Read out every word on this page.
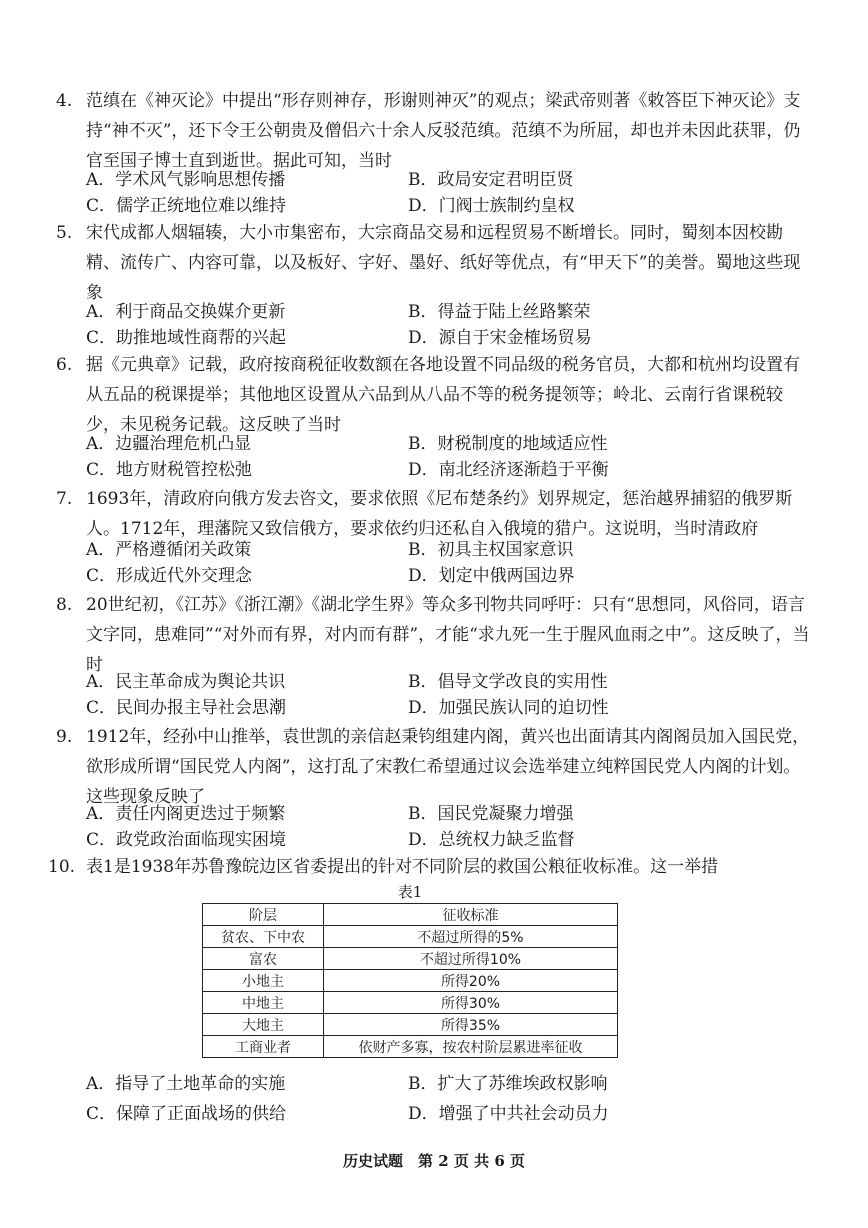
4. 范缜在《神灭论》中提出“形存则神存，形谢则神灭”的观点；梁武帝则著《敕答臣下神灭论》支持“神不灭”，还下令王公朝贵及僧侣六十余人反驳范缜。范缜不为所屈，却也并未因此获罪，仍官至国子博士直到逝世。据此可知，当时
A．学术风气影响思想传播	B．政局安定君明臣贤
C．儒学正统地位难以维持	D．门阀士族制约皇权
5. 宋代成都人烟辐辏，大小市集密布，大宗商品交易和远程贸易不断增长。同时，蜀刻本因校勘精、流传广、内容可靠，以及板好、字好、墨好、纸好等优点，有“甲天下”的美誉。蜀地这些现象
A．利于商品交换媒介更新	B．得益于陆上丝路繁荣
C．助推地域性商帮的兴起	D．源自于宋金榷场贸易
6. 据《元典章》记载，政府按商税征收数额在各地设置不同品级的税务官员，大都和杭州均设置有从五品的税课提举；其他地区设置从六品到从八品不等的税务提领等；岭北、云南行省课税较少，未见税务记载。这反映了当时
A．边疆治理危机凸显	B．财税制度的地域适应性
C．地方财税管控松弛	D．南北经济逐渐趋于平衡
7. 1693年，清政府向俄方发去咨文，要求依照《尼布楚条约》划界规定，惩治越界捕貂的俄罗斯人。1712年，理藩院又致信俄方，要求依约归还私自入俄境的猎户。这说明，当时清政府
A．严格遵循闭关政策	B．初具主权国家意识
C．形成近代外交理念	D．划定中俄两国边界
8. 20世纪初，《江苏》《浙江潮》《湖北学生界》等众多刊物共同呼吁：只有“思想同，风俗同，语言文字同，患难同”“对外而有界，对内而有群”，才能“求九死一生于腥风血雨之中”。这反映了，当时
A．民主革命成为舆论共识	B．倡导文学改良的实用性
C．民间办报主导社会思潮	D．加强民族认同的迫切性
9. 1912年，经孙中山推举，袁世凯的亲信赵秉钧组建内阁，黄兴也出面请其内阁阁员加入国民党，欲形成所谓“国民党人内阁”，这打乱了宋教仁希望通过议会选举建立纯粹国民党人内阁的计划。这些现象反映了
A．责任内阁更迭过于频繁	B．国民党凝聚力增强
C．政党政治面临现实困境	D．总统权力缺乏监督
10. 表1是1938年苏鲁豫皖边区省委提出的针对不同阶层的救国公粮征收标准。这一举措
表1
阶层	征收标准
贫农、下中农	不超过所得的5%
富农	不超过所得10%
小地主	所得20%
中地主	所得30%
大地主	所得35%
工商业者	依财产多寡，按农村阶层累进率征收
A．指导了土地革命的实施	B．扩大了苏维埃政权影响
C．保障了正面战场的供给	D．增强了中共社会动员力
历史试题　第 2 页 共 6 页
